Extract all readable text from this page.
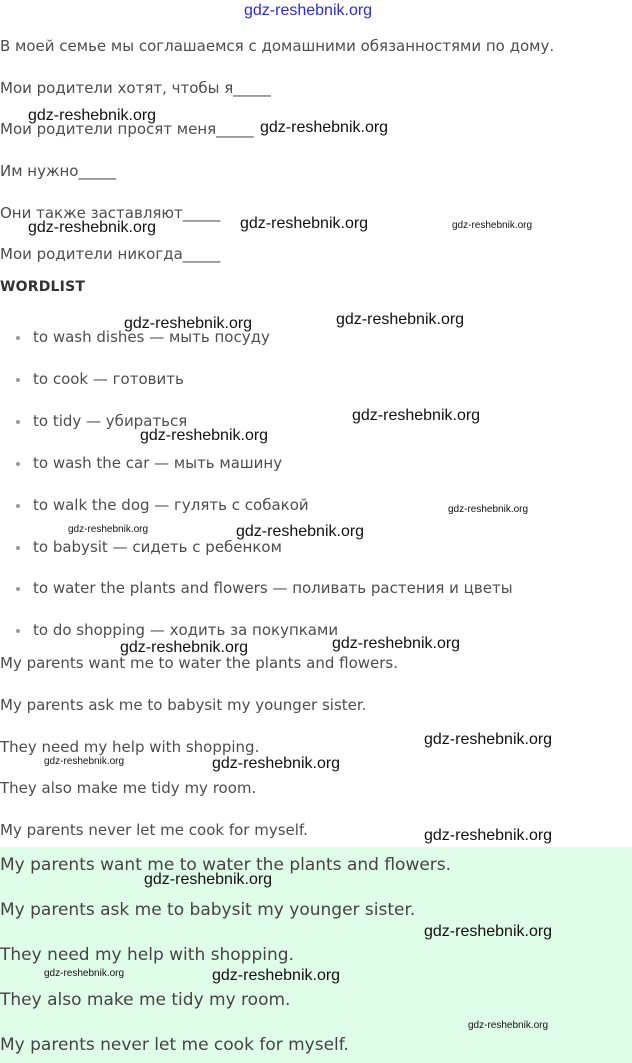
gdz-reshebnik.org
В моей семье мы соглашаемся с домашними обязанностями по дому.
Мои родители хотят, чтобы я_____
Мои родители просят меня_____
Им нужно_____
Они также заставляют_____
Мои родители никогда_____
WORDLIST
to wash dishes — мыть посуду
to cook — готовить
to tidy — убираться
to wash the car — мыть машину
to walk the dog — гулять с собакой
to babysit — сидеть с ребенком
to water the plants and flowers — поливать растения и цветы
to do shopping — ходить за покупками
My parents want me to water the plants and flowers.
My parents ask me to babysit my younger sister.
They need my help with shopping.
They also make me tidy my room.
My parents never let me cook for myself.
My parents want me to water the plants and flowers.
My parents ask me to babysit my younger sister.
They need my help with shopping.
They also make me tidy my room.
My parents never let me cook for myself.
gdz-reshebnik.org
gdz-reshebnik.org
gdz-reshebnik.org	gdz-reshebnik.org	gdz-reshebnik.org
gdz-reshebnik.org	gdz-reshebnik.org
gdz-reshebnik.org
gdz-reshebnik.org
gdz-reshebnik.org
gdz-reshebnik.org	gdz-reshebnik.org
gdz-reshebnik.org	gdz-reshebnik.org
gdz-reshebnik.org
gdz-reshebnik.org	gdz-reshebnik.org
gdz-reshebnik.org
gdz-reshebnik.org
gdz-reshebnik.org
gdz-reshebnik.org	gdz-reshebnik.org
gdz-reshebnik.org
